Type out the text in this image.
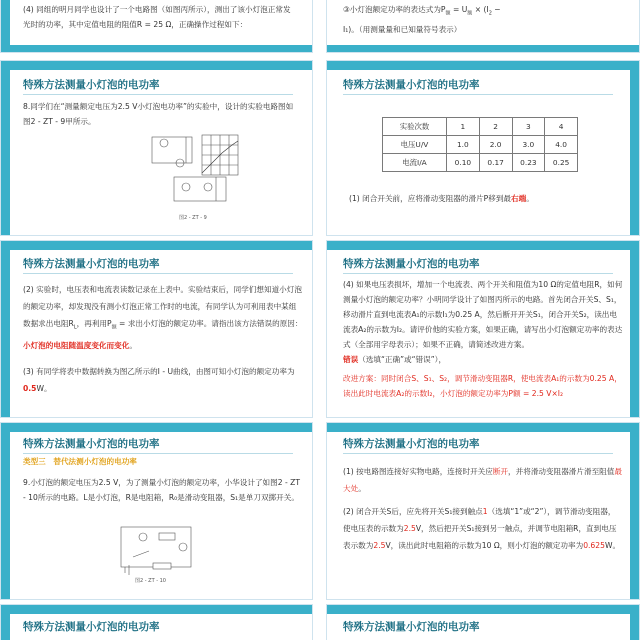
(4) 同组的明月同学也设计了一个电路图（如图丙所示），测出了该小灯泡正常发光时的功率，其中定值电阻的阻值R = 25 Ω，正确操作过程如下：
③小灯泡额定功率的表达式为$P_额 = U_额 \times (I_2$ −
I₁)。（用测量量和已知量符号表示）
特殊方法测量小灯泡的电功率
8.同学们在“测量额定电压为2.5 V小灯泡电功率”的实验中，设计的实验电路图如图2 - ZT - 9甲所示。
图2 - ZT - 9
特殊方法测量小灯泡的电功率
实验次数	1	2	3	4
电压U/V	1.0	2.0	3.0	4.0
电流I/A	0.10	0.17	0.23	0.25
(1) 闭合开关前，应将滑动变阻器的滑片P移到最右端。
特殊方法测量小灯泡的电功率
(2) 实验时，电压表和电流表读数记录在上表中。实验结束后，同学们想知道小灯泡的额定功率，却发现没有测小灯泡正常工作时的电流，有同学认为可利用表中某组数据求出电阻$R_L$，再利用$P_额$ = 求出小灯泡的额定功率。请指出该方法错误的原因：小灯泡的电阻随温度变化而变化。
(3) 有同学将表中数据转换为图乙所示的I - U曲线，由图可知小灯泡的额定功率为0.5W。
特殊方法测量小灯泡的电功率
(4) 如果电压表损坏，增加一个电流表、两个开关和阻值为10 Ω的定值电阻R，如何测量小灯泡的额定功率？小明同学设计了如图丙所示的电路。首先闭合开关S、S₁，移动滑片直到电流表A₁的示数I₁为0.25 A，然后断开开关S₁，闭合开关S₂，读出电流表A₂的示数为I₂。请评价他的实验方案，如果正确，请写出小灯泡额定功率的表达式（全部用字母表示）；如果不正确，请简述改进方案。
错误（选填“正确”或“错误”），
改进方案：同时闭合S、S₁、S₂，调节滑动变阻器R，使电流表A₁的示数为0.25 A，读出此时电流表A₂的示数I₂，小灯泡的额定功率为P额 = 2.5 V×I₂
特殊方法测量小灯泡的电功率
类型三　替代法测小灯泡的电功率
9.小灯泡的额定电压为2.5 V，为了测量小灯泡的额定功率，小华设计了如图2 - ZT - 10所示的电路。L是小灯泡，R是电阻箱，R₀是滑动变阻器，S₁是单刀双掷开关。
图2 - ZT - 10
特殊方法测量小灯泡的电功率
(1) 按电路图连接好实物电路，连接时开关应断开，并将滑动变阻器滑片滑至阻值最大处。
(2) 闭合开关S后，应先将开关S₁接到触点1（选填“1”或“2”），调节滑动变阻器，使电压表的示数为2.5V，然后把开关S₁接到另一触点，并调节电阻箱R，直到电压表示数为2.5V，读出此时电阻箱的示数为10 Ω，则小灯泡的额定功率为0.625W。
特殊方法测量小灯泡的电功率	特殊方法测量小灯泡的电功率
